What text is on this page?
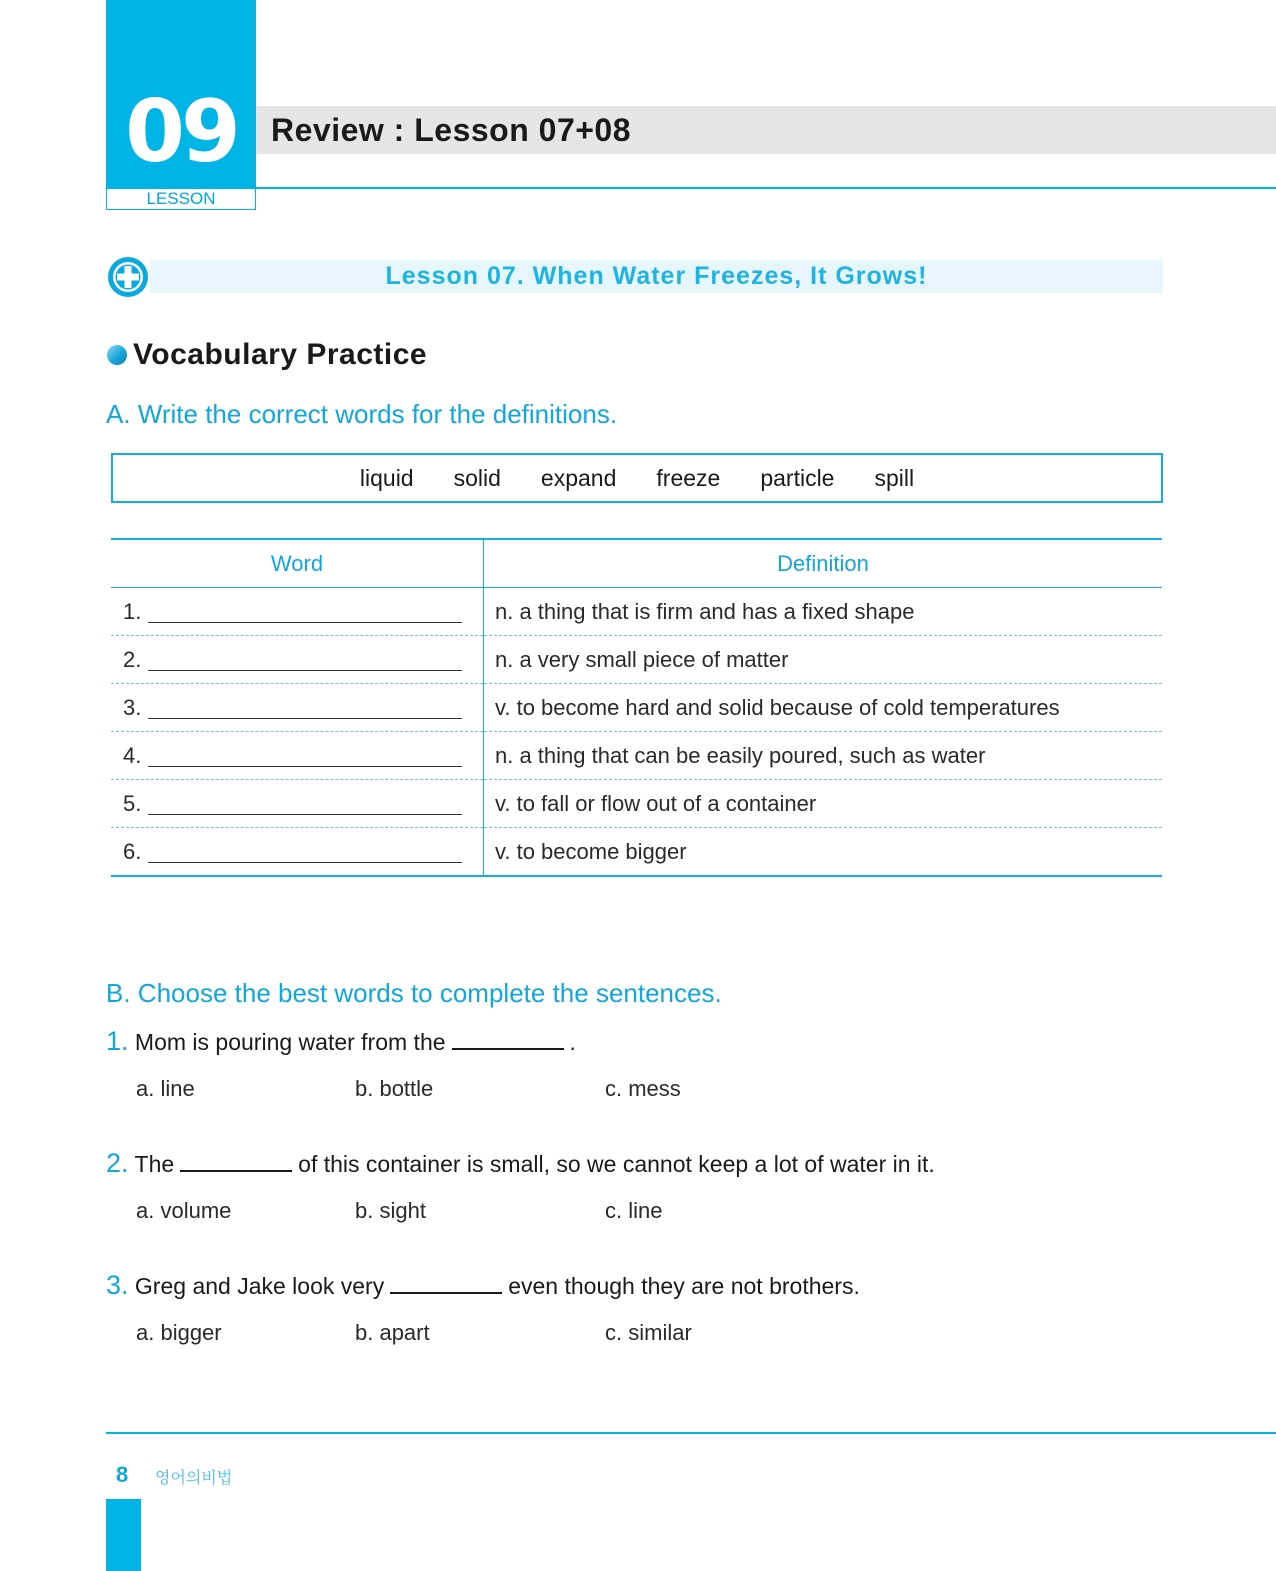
09
LESSON
Review : Lesson 07+08
Lesson 07. When Water Freezes, It Grows!
Vocabulary Practice
A. Write the correct words for the definitions.
liquid solid expand freeze particle spill
Word	Definition
1.	n. a thing that is firm and has a fixed shape
2.	n. a very small piece of matter
3.	v. to become hard and solid because of cold temperatures
4.	n. a thing that can be easily poured, such as water
5.	v. to fall or flow out of a container
6.	v. to become bigger
B. Choose the best words to complete the sentences.
1. Mom is pouring water from the	.
a. line	b. bottle	c. mess
2. The	of this container is small, so we cannot keep a lot of water in it.
a. volume	b. sight	c. line
3. Greg and Jake look very	even though they are not brothers.
a. bigger	b. apart	c. similar
8 영어의비법
